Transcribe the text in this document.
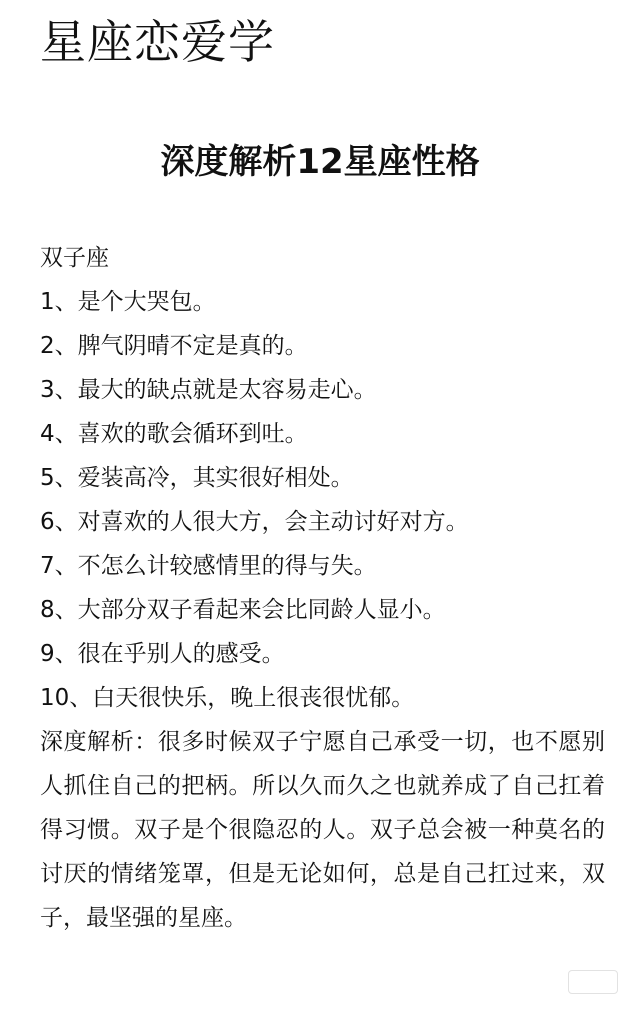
星座恋爱学
深度解析12星座性格
双子座
1、是个大哭包。
2、脾气阴晴不定是真的。
3、最大的缺点就是太容易走心。
4、喜欢的歌会循环到吐。
5、爱装高冷，其实很好相处。
6、对喜欢的人很大方，会主动讨好对方。
7、不怎么计较感情里的得与失。
8、大部分双子看起来会比同龄人显小。
9、很在乎别人的感受。
10、白天很快乐，晚上很丧很忧郁。

深度解析：很多时候双子宁愿自己承受一切，也不愿别人抓住自己的把柄。所以久而久之也就养成了自己扛着得习惯。双子是个很隐忍的人。双子总会被一种莫名的讨厌的情绪笼罩，但是无论如何，总是自己扛过来，双子，最坚强的星座。
